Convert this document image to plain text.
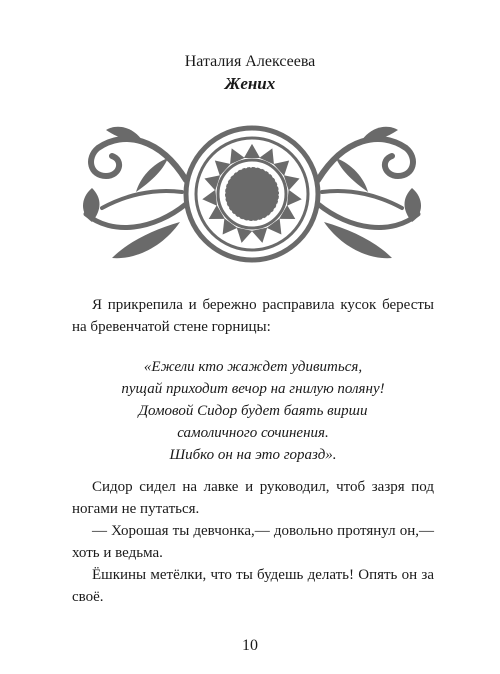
Наталия Алексеева
Жених

Я прикрепила и бережно расправила кусок бересты на бревенчатой стене горницы:

«Ежели кто жаждет удивиться,
пущай приходит вечор на гнилую поляну!
Домовой Сидор будет баять вирши
самоличного сочинения.
Шибко он на это горазд».

Сидор сидел на лавке и руководил, чтоб зазря под ногами не путаться.

— Хорошая ты девчонка,— довольно протянул он,— хоть и ведьма.

Ёшкины метёлки, что ты будешь делать! Опять он за своё.

10
